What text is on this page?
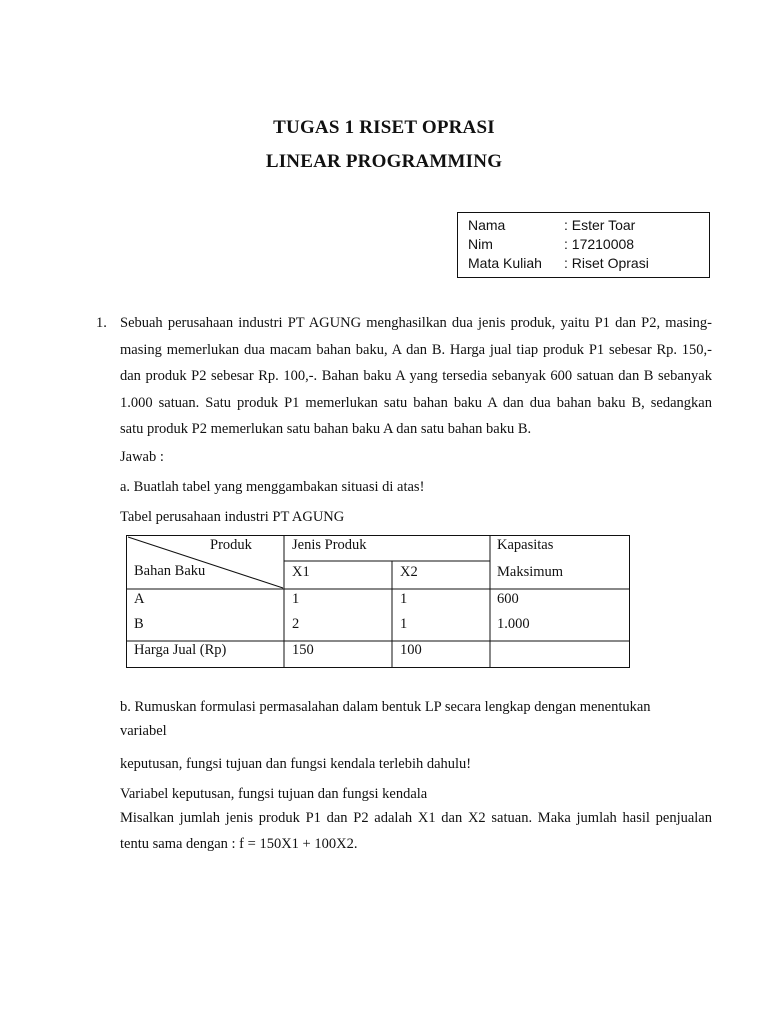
TUGAS 1 RISET OPRASI
LINEAR PROGRAMMING
Nama	: Ester Toar
Nim	: 17210008
Mata Kuliah : Riset Oprasi
1. Sebuah perusahaan industri PT AGUNG menghasilkan dua jenis produk, yaitu P1 dan P2, masing-
masing memerlukan dua macam bahan baku, A dan B. Harga jual tiap produk P1 sebesar Rp. 150,-
dan produk P2 sebesar Rp. 100,-. Bahan baku A yang tersedia sebanyak 600 satuan dan B sebanyak
1.000 satuan. Satu produk P1 memerlukan satu bahan baku A dan dua bahan baku B, sedangkan
satu produk P2 memerlukan satu bahan baku A dan satu bahan baku B.
Jawab :
a. Buatlah tabel yang menggambakan situasi di atas!
Tabel perusahaan industri PT AGUNG
Produk
Bahan Baku
Jenis Produk
X1	X2
Kapasitas
Maksimum
A	1	1	600
B	2	1	1.000
Harga Jual (Rp)	150	100
b. Rumuskan formulasi permasalahan dalam bentuk LP secara lengkap dengan menentukan
variabel
keputusan, fungsi tujuan dan fungsi kendala terlebih dahulu!
Variabel keputusan, fungsi tujuan dan fungsi kendala
Misalkan jumlah jenis produk P1 dan P2 adalah X1 dan X2 satuan. Maka jumlah hasil penjualan
tentu sama dengan : f = 150X1 + 100X2.
